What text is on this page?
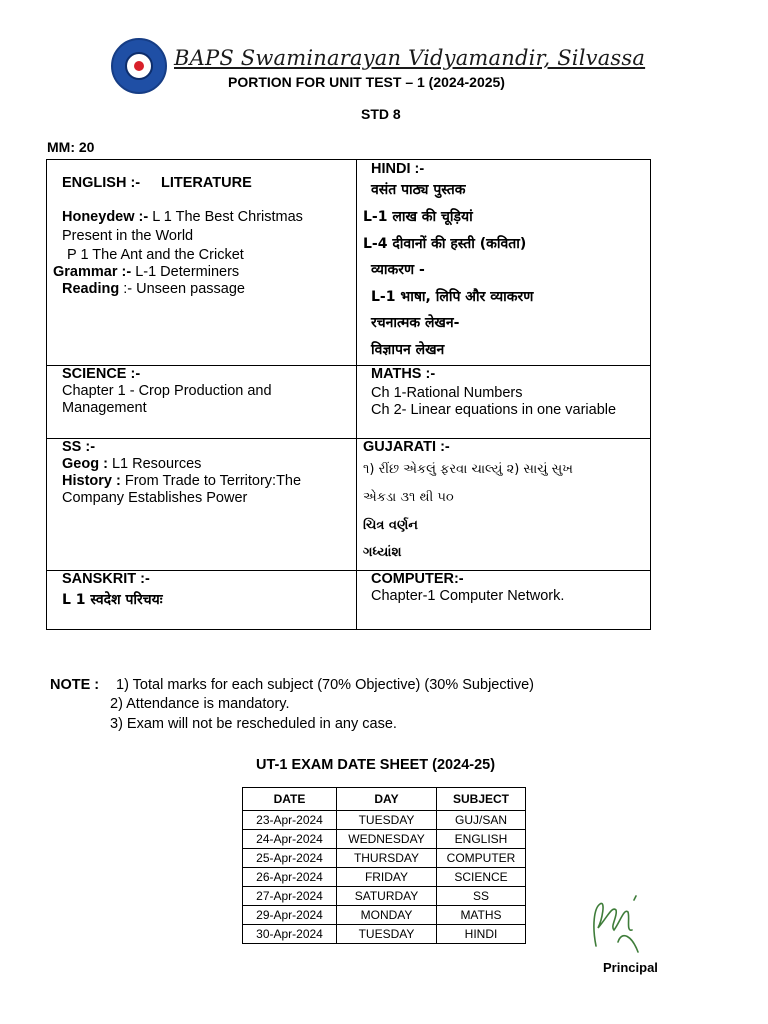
BAPS Swaminarayan Vidyamandir, Silvassa
PORTION FOR UNIT TEST – 1 (2024-2025)
STD 8
MM: 20
ENGLISH :- LITERATURE
Honeydew :- L 1 The Best Christmas
Present in the World
P 1 The Ant and the Cricket
Grammar :- L-1 Determiners
Reading :- Unseen passage
HINDI :-
वसंत पाठ्य पुस्तक
L-1 लाख की चूड़ियां
L-4 दीवानों की हस्ती (कविता)
व्याकरण -
L-1 भाषा, लिपि और व्याकरण
रचनात्मक लेखन-
विज्ञापन लेखन
SCIENCE :-
Chapter 1 - Crop Production and
Management
MATHS :-
Ch 1-Rational Numbers
Ch 2- Linear equations in one variable
SS :-
Geog : L1 Resources
History : From Trade to Territory:The
Company Establishes Power
GUJARATI :-
૧) રીંછ એકલું ફરવા ચાલ્યું ૨) સાચું સુખ
એકડા ૩૧ થી ૫૦
ચિત્ર વર્ણન
ગધ્યાંશ
SANSKRIT :-
L 1 स्वदेश परिचयः
COMPUTER:-
Chapter-1 Computer Network.
NOTE : 1) Total marks for each subject (70% Objective) (30% Subjective)
2) Attendance is mandatory.
3) Exam will not be rescheduled in any case.
UT-1 EXAM DATE SHEET (2024-25)
DATE	DAY	SUBJECT
23-Apr-2024	TUESDAY	GUJ/SAN
24-Apr-2024	WEDNESDAY	ENGLISH
25-Apr-2024	THURSDAY	COMPUTER
26-Apr-2024	FRIDAY	SCIENCE
27-Apr-2024	SATURDAY	SS
29-Apr-2024	MONDAY	MATHS
30-Apr-2024	TUESDAY	HINDI
Principal
